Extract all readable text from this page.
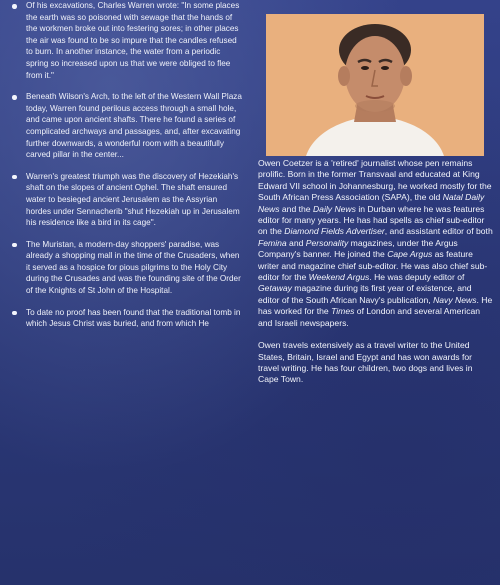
Of his excavations, Charles Warren wrote: "In some places the earth was so poisoned with sewage that the hands of the workmen broke out into festering sores; in other places the air was found to be so impure that the candles refused to burn. In another instance, the water from a periodic spring so increased upon us that we were obliged to flee from it."
Beneath Wilson's Arch, to the left of the Western Wall Plaza today, Warren found perilous access through a small hole, and came upon ancient shafts. There he found a series of complicated archways and passages, and, after excavating further downwards, a wonderful room with a beautifully carved pillar in the center...
Warren's greatest triumph was the discovery of Hezekiah's shaft on the slopes of ancient Ophel. The shaft ensured water to besieged ancient Jerusalem as the Assyrian hordes under Sennacherib "shut Hezekiah up in Jerusalem his residence like a bird in its cage".
The Muristan, a modern-day shoppers' paradise, was already a shopping mall in the time of the Crusaders, when it served as a hospice for pious pilgrims to the Holy City during the Crusades and was the founding site of the Order of the Knights of St John of the Hospital.
To date no proof has been found that the traditional tomb in which Jesus Christ was buried, and from which He

Owen Coetzer is a 'retired' journalist whose pen remains prolific. Born in the former Transvaal and educated at King Edward VII school in Johannesburg, he worked mostly for the South African Press Association (SAPA), the old Natal Daily News and the Daily News in Durban where he was features editor for many years. He has had spells as chief sub-editor on the Diamond Fields Advertiser, and assistant editor of both Femina and Personality magazines, under the Argus Company's banner. He joined the Cape Argus as feature writer and magazine chief sub-editor. He was also chief sub-editor for the Weekend Argus. He was deputy editor of Getaway magazine during its first year of existence, and editor of the South African Navy's publication, Navy News. He has worked for the Times of London and several American and Israeli newspapers.

Owen travels extensively as a travel writer to the United States, Britain, Israel and Egypt and has won awards for travel writing. He has four children, two dogs and lives in Cape Town.
